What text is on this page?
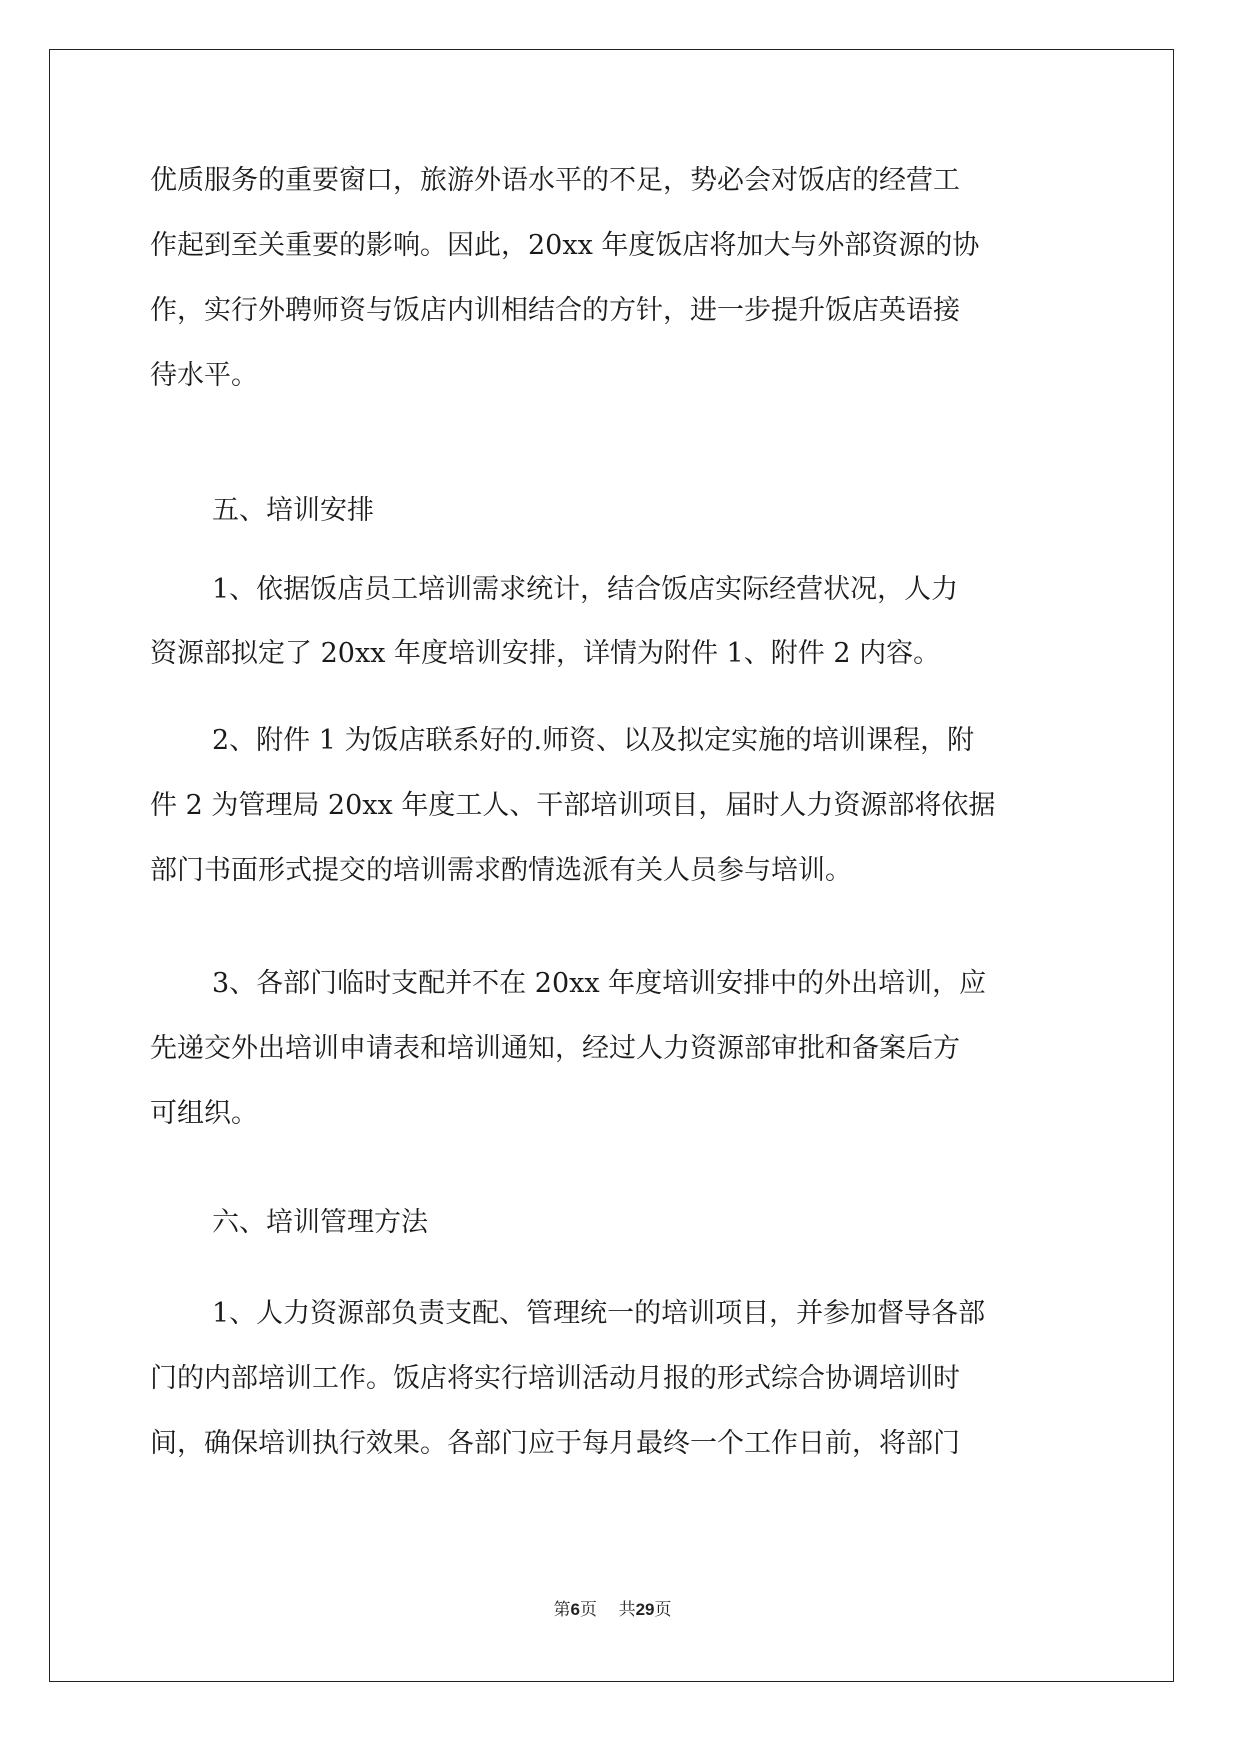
优质服务的重要窗口，旅游外语水平的不足，势必会对饭店的经营工
作起到至关重要的影响。因此，20xx 年度饭店将加大与外部资源的协
作，实行外聘师资与饭店内训相结合的方针，进一步提升饭店英语接
待水平。
五、培训安排
1、依据饭店员工培训需求统计，结合饭店实际经营状况，人力
资源部拟定了 20xx 年度培训安排，详情为附件 1、附件 2 内容。
2、附件 1 为饭店联系好的.师资、以及拟定实施的培训课程，附
件 2 为管理局 20xx 年度工人、干部培训项目，届时人力资源部将依据
部门书面形式提交的培训需求酌情选派有关人员参与培训。
3、各部门临时支配并不在 20xx 年度培训安排中的外出培训，应
先递交外出培训申请表和培训通知，经过人力资源部审批和备案后方
可组织。
六、培训管理方法
1、人力资源部负责支配、管理统一的培训项目，并参加督导各部
门的内部培训工作。饭店将实行培训活动月报的形式综合协调培训时
间，确保培训执行效果。各部门应于每月最终一个工作日前，将部门
第6页 共29页
